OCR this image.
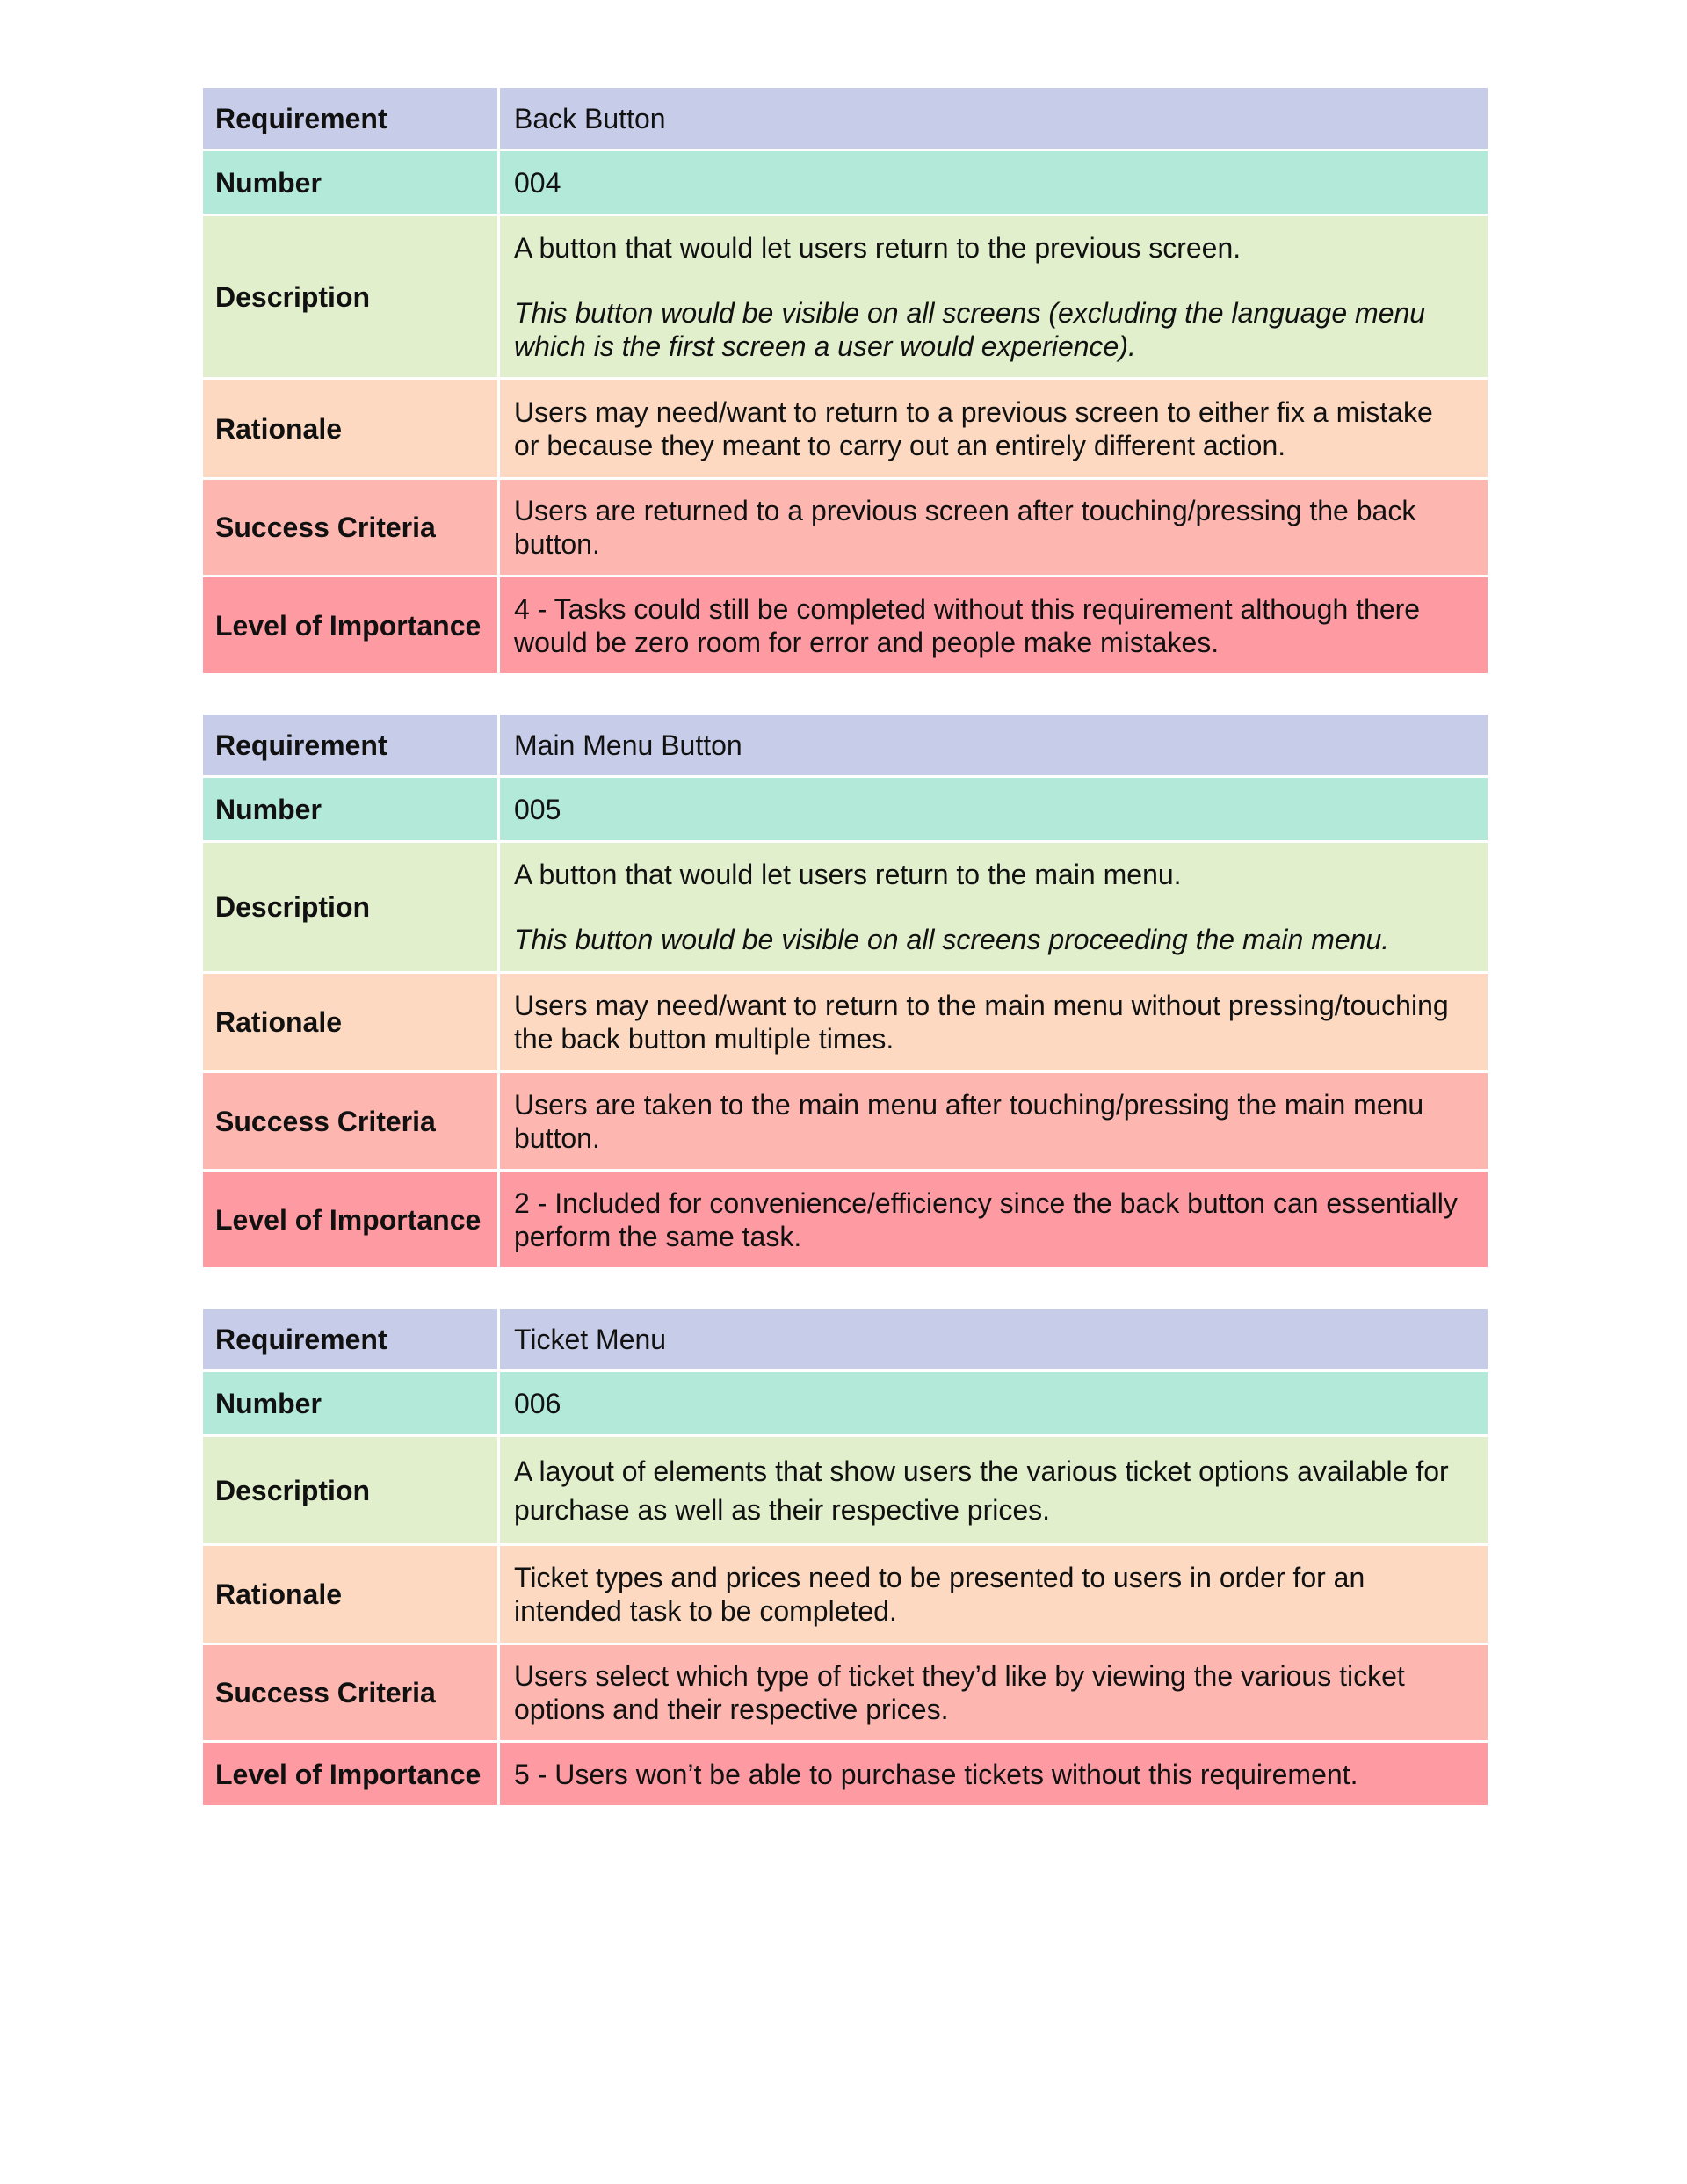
Requirement	Back Button
Number	004
Description	A button that would let users return to the previous screen.

This button would be visible on all screens (excluding the language menu which is the first screen a user would experience).

Rationale	Users may need/want to return to a previous screen to either fix a mistake or because they meant to carry out an entirely different action.
Success Criteria	Users are returned to a previous screen after touching/pressing the back button.
Level of Importance	4 - Tasks could still be completed without this requirement although there would be zero room for error and people make mistakes.
Requirement	Main Menu Button
Number	005
Description	A button that would let users return to the main menu.

This button would be visible on all screens proceeding the main menu.

Rationale	Users may need/want to return to the main menu without pressing/touching the back button multiple times.
Success Criteria	Users are taken to the main menu after touching/pressing the main menu button.
Level of Importance	2 - Included for convenience/efficiency since the back button can essentially perform the same task.
Requirement	Ticket Menu
Number	006
Description	A layout of elements that show users the various ticket options available for purchase as well as their respective prices.
Rationale	Ticket types and prices need to be presented to users in order for an intended task to be completed.
Success Criteria	Users select which type of ticket they’d like by viewing the various ticket options and their respective prices.
Level of Importance	5 - Users won’t be able to purchase tickets without this requirement.
